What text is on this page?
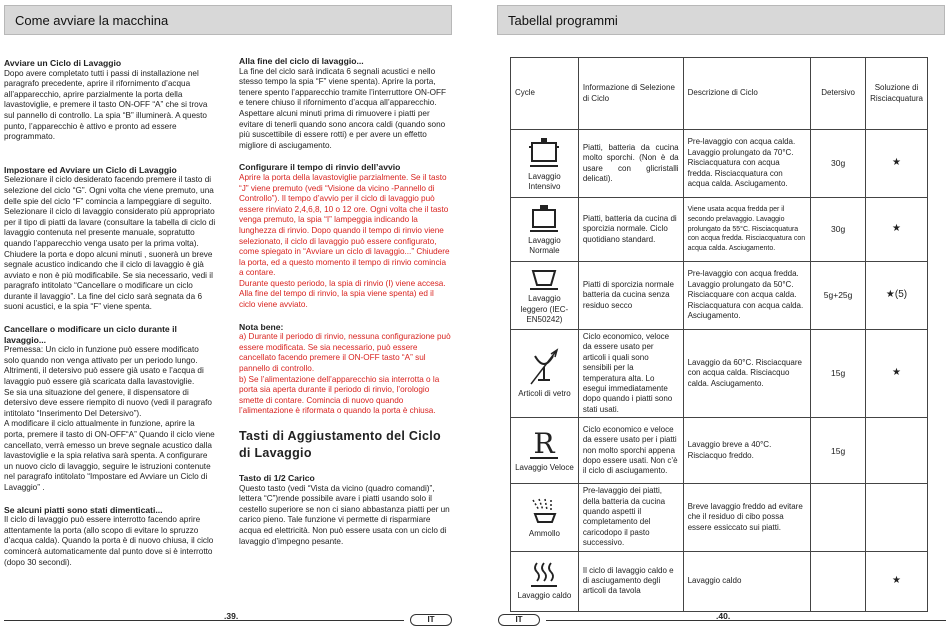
Come avviare la macchina	Tabellal programmi

Avviare un Ciclo di Lavaggio

Dopo avere completato tutti i passi di installazione nel paragrafo precedente, aprire il rifornimento d’acqua all’apparecchio, aprire parzialmente la porta della lavastoviglie, e premere il tasto ON-OFF “A” che si trova sul pannello di controllo. La spia “B” illuminerà. A questo punto, l’apparecchio è attivo e pronto ad essere programmato.

Impostare ed Avviare un Ciclo di Lavaggio

Selezionare il ciclo desiderato facendo premere il tasto di selezione del ciclo “G”. Ogni volta che viene premuto, una delle spie del ciclo “F” comincia a lampeggiare di seguito. Selezionare il ciclo di lavaggio considerato più appropriato per il tipo di piatti da lavare (consultare la tabella di ciclo di lavaggio contenuta nel presente manuale, sopratutto quando l’apparecchio venga usato per la prima volta).

Chiudere la porta e dopo alcuni minuti , suonerà un breve segnale acustico indicando che il ciclo di lavaggio è già avviato e non è più modificabile. Se sia necessario, vedi il paragrafo intitolato “Cancellare o modificare un ciclo durante il lavaggio”. La fine del ciclo sarà segnata da 6 suoni acustici, e la spia “F” viene spenta.

Cancellare o modificare un ciclo durante il lavaggio...

Premessa: Un ciclo in funzione può essere modificato solo quando non venga attivato per un periodo lungo.

Altrimenti, il detersivo può essere già usato e l’acqua di lavaggio può essere già scaricata dalla lavastoviglie.

Se sia una situazione del genere, il dispensatore di detersivo deve essere riempito di nuovo (vedi il paragrafo intitolato “Inserimento Del Detersivo”).

A modificare il ciclo attualmente in funzione, aprire la porta, premere il tasto di ON-OFF“A” Quando il ciclo viene cancellato, verrà emesso un breve segnale acustico dalla lavastoviglie e la spia relativa sarà spenta. A configurare un nuovo ciclo di lavaggio, seguire le istruzioni contenute nel paragrafo intitolato “Impostare ed Avviare un Ciclo di Lavaggio” .

Se alcuni piatti sono stati dimenticati...

Il ciclo di lavaggio può essere interrotto facendo aprire attentamente la porta (allo scopo di evitare lo spruzzo d’acqua calda). Quando la porta è di nuovo chiusa, il ciclo comincerà automaticamente dal punto dove si è interrotto (dopo 30 secondi).

Alla fine del ciclo di lavaggio...

La fine del ciclo sarà indicata 6 segnali acustici e nello stesso tempo la spia “F” viene spenta). Aprire la porta, tenere spento l’apparecchio tramite l’interruttore ON-OFF e tenere chiuso il rifornimento d’acqua all’apparecchio. Aspettare alcuni minuti prima di rimuovere i piatti per evitare di tenerli quando sono ancora caldi (quando sono più suscettibile di essere rotti) e per avere un effetto migliore di asciugamento.

Configurare il tempo di rinvio dell’avvio

Aprire la porta della lavastoviglie parzialmente. Se il tasto “J” viene premuto (vedi “Visione da vicino -Pannello di Controllo”). Il tempo d’avvio per il ciclo di lavaggio può essere rinviato 2,4,6,8, 10 o 12 ore. Ogni volta che il tasto venga premuto, la spia “I” lampeggia indicando la lunghezza di rinvio. Dopo quando il tempo di rinvio viene selezionato, il ciclo di lavaggio può essere configurato, come spiegato in “Avviare un ciclo di lavaggio...” Chiudere la porta, ed a questo momento il tempo di rinvio comincia a contare.

Durante questo periodo, la spia di rinvio (I) viene accesa. Alla fine del tempo di rinvio, la spia viene spenta) ed il ciclo viene avviato.

Nota bene:

a) Durante il periodo di rinvio, nessuna configurazione può essere modificata. Se sia necessario, può essere cancellato facendo premere il ON-OFF tasto “A” sul pannello di controllo.

b) Se l’alimentazione dell’apparecchio sia interrotta o la porta sia aperta durante il periodo di rinvio, l’orologio smette di contare. Comincia di nuovo quando l’alimentazione è riformata o quando la porta è chiusa.

Tasti di Aggiustamento del Ciclo di Lavaggio

Tasto di 1/2 Carico

Questo tasto (vedi “Vista da vicino (quadro comandi)”, lettera “C”)rende possibile avare i piatti usando solo il cestello superiore se non ci siano abbastanza piatti per un carico pieno. Tale funzione vi permette di risparmiare acqua ed elettricità. Non può essere usata con un ciclo di lavaggio d’impegno pesante.

Cycle	Informazione di Selezione di Ciclo	Descrizione di Ciclo	Detersivo	Soluzione di Risciacquatura

Lavaggio Intensivo	Piatti, batteria da cucina molto sporchi. (Non è da usare con glicristalli delicati).	Pre-lavaggio con acqua calda. Lavaggio prolungato da 70°C. Risciacquatura con acqua fredda. Risciacquatura con acqua calda. Asciugamento.	30g	★

Lavaggio Normale	Piatti, batteria da cucina di sporcizia normale. Ciclo quotidiano standard.	Viene usata acqua fredda per il secondo prelavaggio. Lavaggio prolungato da 55°C. Risciacquatura con acqua fredda. Risciacquatura con acqua calda. Asciugamento.	30g	★

Lavaggio leggero (IEC-EN50242)	Piatti di sporcizia normale batteria da cucina senza residuo secco	Pre-lavaggio con acqua fredda. Lavaggio prolungato da 50°C. Risciacquare con acqua calda. Risciacquatura con acqua calda. Asciugamento.	5g+25g	★(5)

Articoli di vetro	Ciclo economico, veloce da essere usato per articoli i quali sono sensibili per la temperatura alta. Lo esegui immediatamente dopo quando i piatti sono stati usati.	Lavaggio da 60°C. Risciacquare con acqua calda. Risciacquo calda. Asciugamento.	15g	★

R
Lavaggio Veloce	Ciclo economico e veloce da essere usato per i piatti non molto sporchi appena dopo essere usati. Non c’è il ciclo di asciugamento.	Lavaggio breve a 40°C. Risciacquo freddo.	15g	

Ammollo	Pre-lavaggio dei piatti, della batteria da cucina quando aspetti il completamento del caricodopo il pasto successivo.	Breve lavaggio freddo ad evitare che il residuo di cibo possa essere essiccato sui piatti.		

Lavaggio caldo	Il ciclo di lavaggio caldo e di asciugamento degli articoli da tavola	Lavaggio caldo		★
.39.	IT	IT	.40.
